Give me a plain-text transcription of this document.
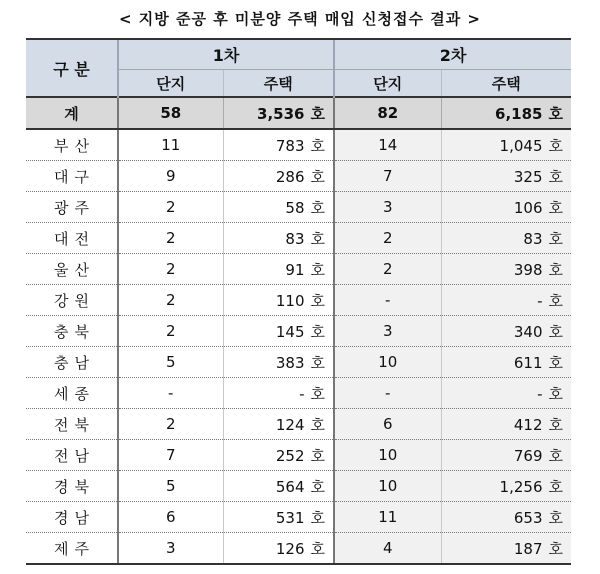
< 지방 준공 후 미분양 주택 매입 신청접수 결과 >
구 분	1차		2차	
	단지	주택	단지	주택
계	58	3,536 호	82	6,185 호
부산	11	783 호	14	1,045 호
대구	9	286 호	7	325 호
광주	2	58 호	3	106 호
대전	2	83 호	2	83 호
울산	2	91 호	2	398 호
강원	2	110 호	-	- 호
충북	2	145 호	3	340 호
충남	5	383 호	10	611 호
세종	-	- 호	-	- 호
전북	2	124 호	6	412 호
전남	7	252 호	10	769 호
경북	5	564 호	10	1,256 호
경남	6	531 호	11	653 호
제주	3	126 호	4	187 호
